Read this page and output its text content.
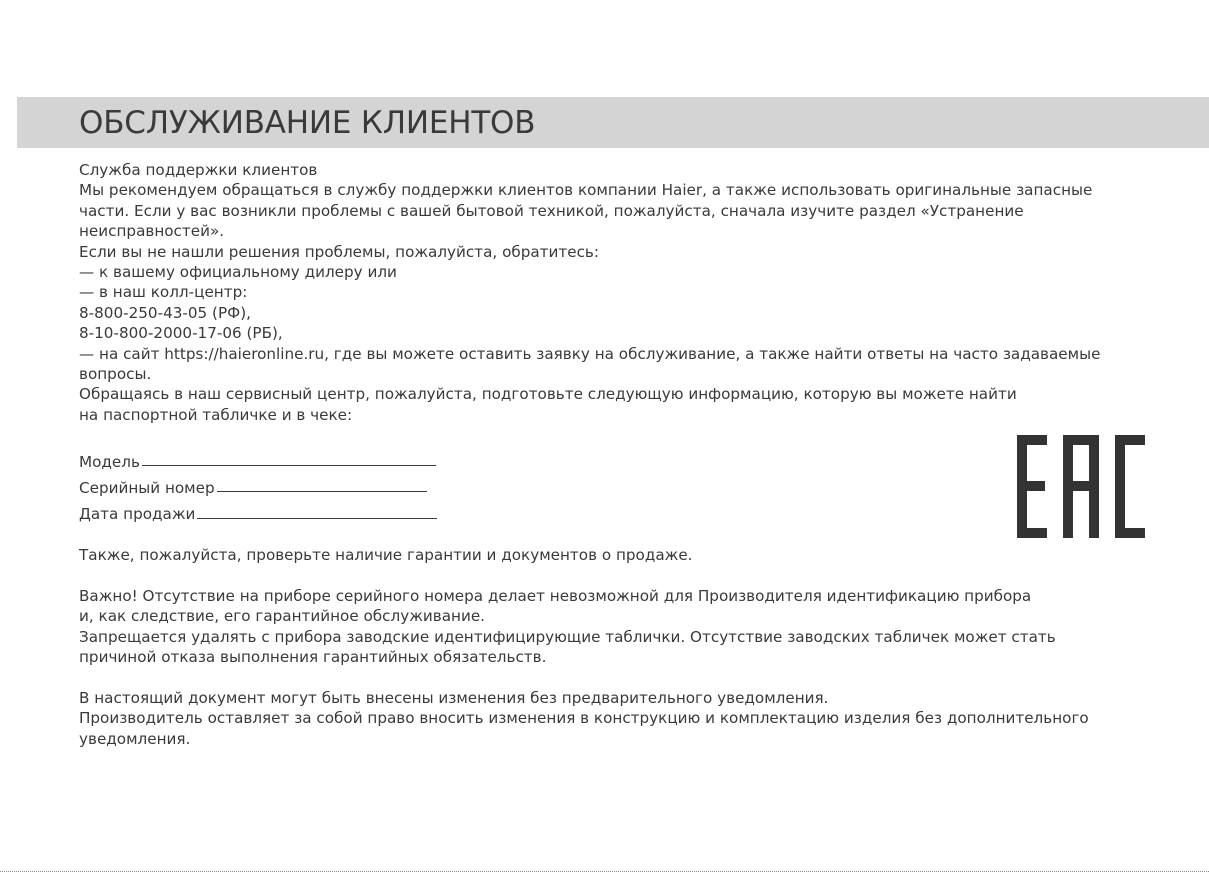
ОБСЛУЖИВАНИЕ КЛИЕНТОВ

Служба поддержки клиентов

Мы рекомендуем обращаться в службу поддержки клиентов компании Haier, а также использовать оригинальные запасные
части. Если у вас возникли проблемы с вашей бытовой техникой, пожалуйста, сначала изучите раздел «Устранение
неисправностей».

Если вы не нашли решения проблемы, пожалуйста, обратитесь:

— к вашему официальному дилеру или

— в наш колл-центр:

8-800-250-43-05 (РФ),

8-10-800-2000-17-06 (РБ),

— на сайт https://haieronline.ru, где вы можете оставить заявку на обслуживание, а также найти ответы на часто задаваемые
вопросы.

Обращаясь в наш сервисный центр, пожалуйста, подготовьте следующую информацию, которую вы можете найти
на паспортной табличке и в чеке:

Модель
Серийный номер
Дата продажи

Также, пожалуйста, проверьте наличие гарантии и документов о продаже.

Важно! Отсутствие на приборе серийного номера делает невозможной для Производителя идентификацию прибора
и, как следствие, его гарантийное обслуживание.

Запрещается удалять с прибора заводские идентифицирующие таблички. Отсутствие заводских табличек может стать
причиной отказа выполнения гарантийных обязательств.

В настоящий документ могут быть внесены изменения без предварительного уведомления.

Производитель оставляет за собой право вносить изменения в конструкцию и комплектацию изделия без дополнительного
уведомления.
